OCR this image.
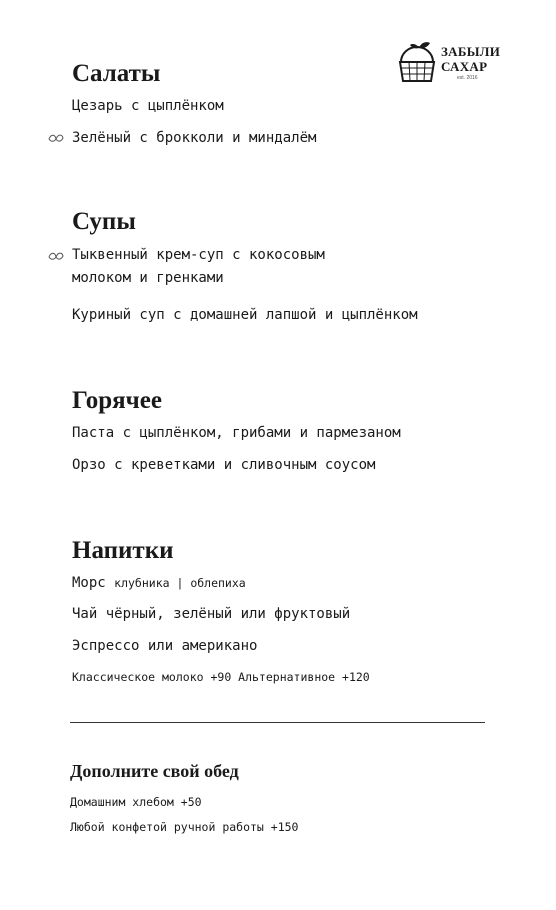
ЗАБЫЛИ
САХАР
est. 2016
Салаты
Цезарь с цыплёнком
Зелёный с брокколи и миндалём
Супы
Тыквенный крем-суп с кокосовым
молоком и гренками
Куриный суп с домашней лапшой и цыплёнком
Горячее
Паста с цыплёнком, грибами и пармезаном
Орзо с креветками и сливочным соусом
Напитки
Морс клубника | облепиха
Чай чёрный, зелёный или фруктовый
Эспрессо или американо
Классическое молоко +90 Альтернативное +120
Дополните свой обед
Домашним хлебом +50
Любой конфетой ручной работы +150
